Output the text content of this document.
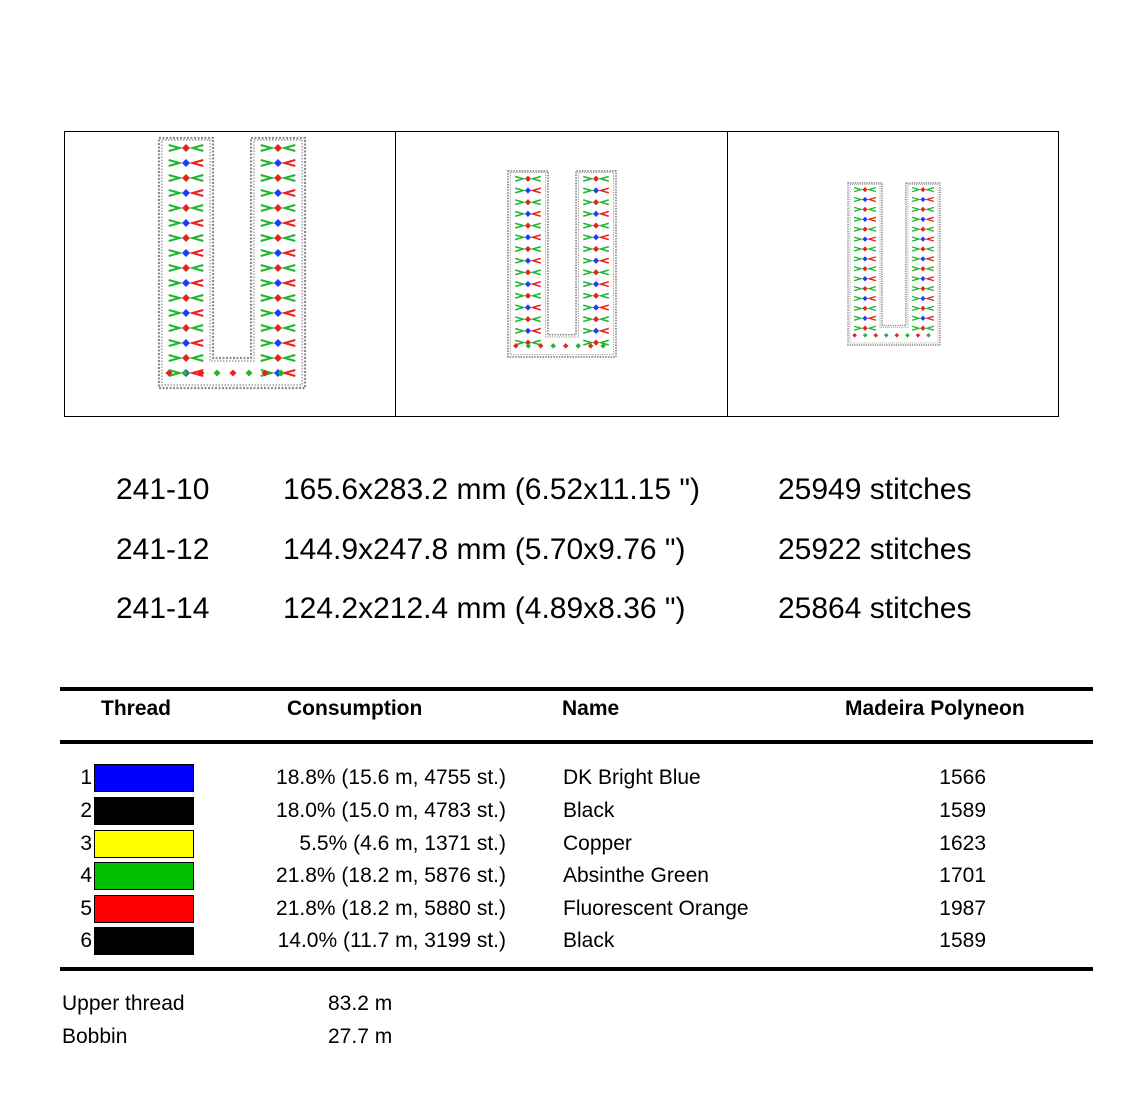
241-10 165.6x283.2 mm (6.52x11.15 ")	25949 stitches
241-12 144.9x247.8 mm (5.70x9.76 ")	25922 stitches
241-14 124.2x212.4 mm (4.89x8.36 ")	25864 stitches
Thread	Consumption	Name	Madeira Polyneon
1	18.8% (15.6 m, 4755 st.)	DK Bright Blue	1566
2	18.0% (15.0 m, 4783 st.)	Black	1589
3	5.5% (4.6 m, 1371 st.)	Copper	1623
4	21.8% (18.2 m, 5876 st.)	Absinthe Green	1701
5	21.8% (18.2 m, 5880 st.)	Fluorescent Orange	1987
6	14.0% (11.7 m, 3199 st.)	Black	1589
Upper thread	83.2 m
Bobbin	27.7 m
